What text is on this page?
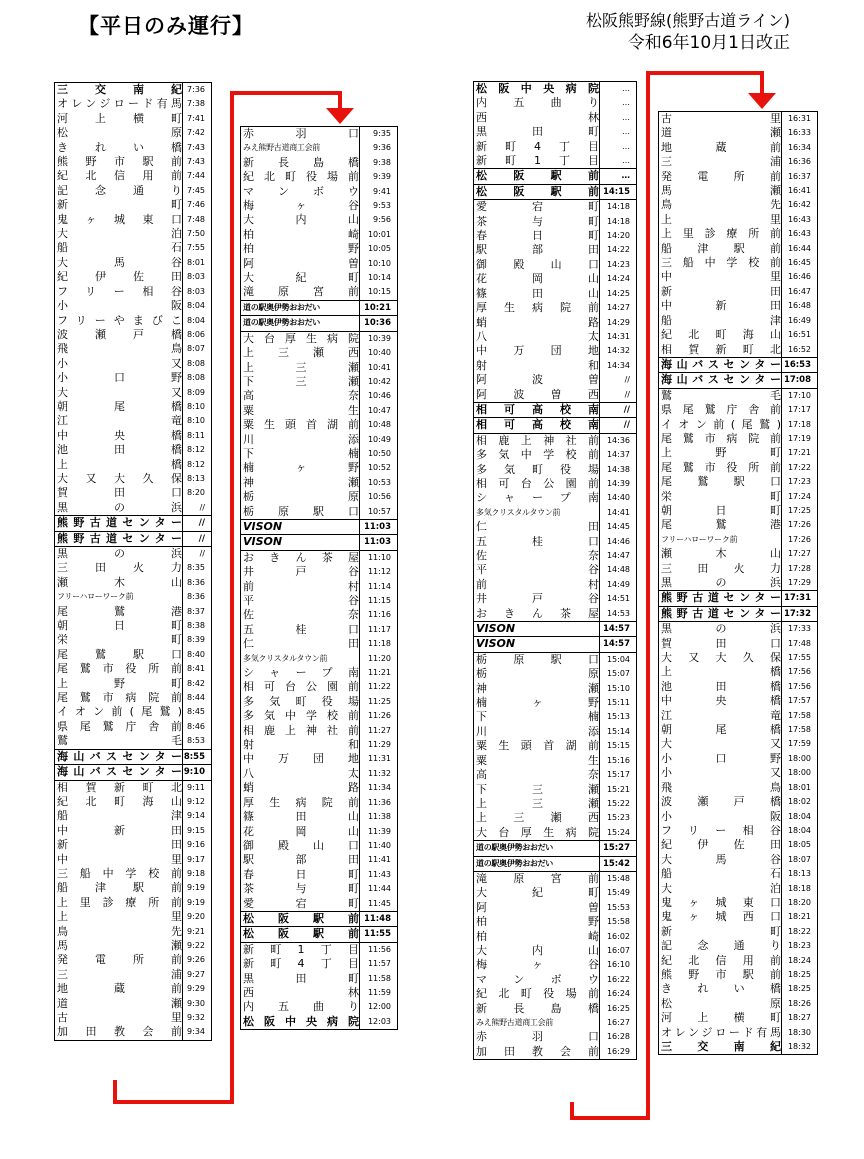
【平日のみ運行】	松阪熊野線(熊野古道ライン)
令和6年10月1日改正
三交南紀	7:36
オレンジロード有馬	7:38
河上横町	7:41
松原	7:42
きれい橋	7:43
熊野市駅前	7:43
紀北信用前	7:44
記念通り	7:45
新町	7:46
鬼ヶ城東口	7:48
大泊	7:50
船石	7:55
大馬谷	8:01
紀伊佐田	8:03
フリー相谷	8:03
小阪	8:04
フリーやまびこ	8:04
波瀬戸橋	8:06
飛鳥	8:07
小又	8:08
小口野	8:08
大又	8:09
朝尾橋	8:10
江竜	8:10
中央橋	8:11
池田橋	8:12
上橋	8:12
大又大久保	8:13
賀田口	8:20
黒の浜	//
熊野古道センター	//
熊野古道センター	//
黒の浜	//
三田火力	8:35
瀬木山	8:36
フリーハローワーク前	8:36
尾鷲港	8:37
朝日町	8:38
栄町	8:39
尾鷲駅口	8:40
尾鷲市役所前	8:41
上野町	8:42
尾鷲市病院前	8:44
イオン前(尾鷲)	8:45
県尾鷲庁舎前	8:46
鷲毛	8:53
海山バスセンター	8:55
海山バスセンター	9:10
相賀新町北	9:11
紀北町海山	9:12
船津	9:14
中新田	9:15
新田	9:16
中里	9:17
三船中学校前	9:18
船津駅前	9:19
上里診療所前	9:19
上里	9:20
鳥先	9:21
馬瀬	9:22
発電所前	9:26
三浦	9:27
地蔵前	9:29
道瀬	9:30
古里	9:32
加田教会前	9:34
赤羽口	9:35
みえ熊野古道商工会前	9:36
新長島橋	9:38
紀北町役場前	9:39
マンボウ	9:41
梅ヶ谷	9:53
大内山	9:56
柏崎	10:01
柏野	10:05
阿曽	10:10
大紀町	10:14
滝原宮前	10:15
道の駅奥伊勢おおだい	10:21
道の駅奥伊勢おおだい	10:36
大台厚生病院	10:39
上三瀬西	10:40
上三瀬	10:41
下三瀬	10:42
高奈	10:46
粟生	10:47
粟生頭首湖前	10:48
川添	10:49
下楠	10:50
楠ヶ野	10:52
神瀬	10:53
栃原	10:56
栃原駅口	10:57
VISON	11:03
VISON	11:03
おきん茶屋	11:10
井戸谷	11:12
前村	11:14
平谷	11:15
佐奈	11:16
五桂口	11:17
仁田	11:18
多気クリスタルタウン前	11:20
シャープ南	11:21
相可台公園前	11:22
多気町役場	11:25
多気中学校前	11:26
相鹿上神社前	11:27
射和	11:29
中万団地	11:31
八太	11:32
蛸路	11:34
厚生病院前	11:36
篠田山	11:38
花岡山	11:39
御殿山口	11:40
駅部田	11:41
春日町	11:43
茶与町	11:44
愛宕町	11:45
松阪駅前	11:48
松阪駅前	11:55
新町1丁目	11:56
新町4丁目	11:57
黒田町	11:58
西林	11:59
内五曲り	12:00
松阪中央病院	12:03
松阪中央病院	…
内五曲り	…
西林	…
黒田町	…
新町4丁目	…
新町1丁目	…
松阪駅前	…
松阪駅前	14:15
愛宕町	14:18
茶与町	14:18
春日町	14:20
駅部田	14:22
御殿山口	14:23
花岡山	14:24
篠田山	14:25
厚生病院前	14:27
蛸路	14:29
八太	14:31
中万団地	14:32
射和	14:34
阿波曽	//
阿波曽西	//
相可高校南	//
相可高校南	//
相鹿上神社前	14:36
多気中学校前	14:37
多気町役場	14:38
相可台公園前	14:39
シャープ南	14:40
多気クリスタルタウン前	14:41
仁田	14:45
五桂口	14:46
佐奈	14:47
平谷	14:48
前村	14:49
井戸谷	14:51
おきん茶屋	14:53
VISON	14:57
VISON	14:57
栃原駅口	15:04
栃原	15:07
神瀬	15:10
楠ヶ野	15:11
下楠	15:13
川添	15:14
粟生頭首湖前	15:15
粟生	15:16
高奈	15:17
下三瀬	15:21
上三瀬	15:22
上三瀬西	15:23
大台厚生病院	15:24
道の駅奥伊勢おおだい	15:27
道の駅奥伊勢おおだい	15:42
滝原宮前	15:48
大紀町	15:49
阿曽	15:53
柏野	15:58
柏崎	16:02
大内山	16:07
梅ヶ谷	16:10
マンボウ	16:22
紀北町役場前	16:24
新長島橋	16:25
みえ熊野古道商工会前	16:27
赤羽口	16:28
加田教会前	16:29
古里	16:31
道瀬	16:33
地蔵前	16:34
三浦	16:36
発電所前	16:37
馬瀬	16:41
鳥先	16:42
上里	16:43
上里診療所前	16:43
船津駅前	16:44
三船中学校前	16:45
中里	16:46
新田	16:47
中新田	16:48
船津	16:49
紀北町海山	16:51
相賀新町北	16:52
海山バスセンター	16:53
海山バスセンター	17:08
鷲毛	17:10
県尾鷲庁舎前	17:17
イオン前(尾鷲)	17:18
尾鷲市病院前	17:19
上野町	17:21
尾鷲市役所前	17:22
尾鷲駅口	17:23
栄町	17:24
朝日町	17:25
尾鷲港	17:26
フリーハローワーク前	17:26
瀬木山	17:27
三田火力	17:28
黒の浜	17:29
熊野古道センター	17:31
熊野古道センター	17:32
黒の浜	17:33
賀田口	17:48
大又大久保	17:55
上橋	17:56
池田橋	17:56
中央橋	17:57
江竜	17:58
朝尾橋	17:58
大又	17:59
小口野	18:00
小又	18:00
飛鳥	18:01
波瀬戸橋	18:02
小阪	18:04
フリー相谷	18:04
紀伊佐田	18:05
大馬谷	18:07
船石	18:13
大泊	18:18
鬼ヶ城東口	18:20
鬼ヶ城西口	18:21
新町	18:22
記念通り	18:23
紀北信用前	18:24
熊野市駅前	18:25
きれい橋	18:25
松原	18:26
河上横町	18:27
オレンジロード有馬	18:30
三交南紀	18:32
